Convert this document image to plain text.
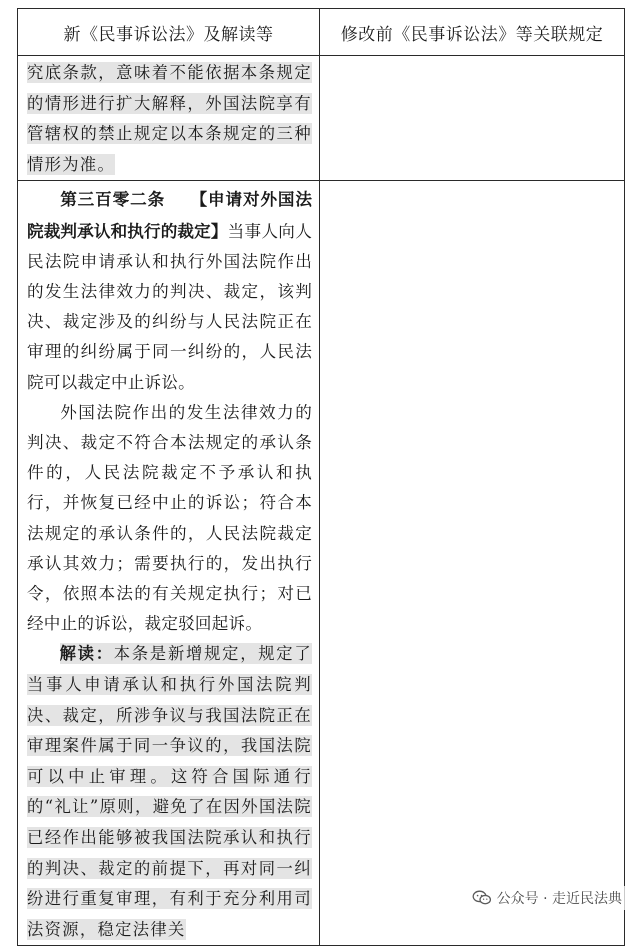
新《民事诉讼法》及解读等	修改前《民事诉讼法》等关联规定

究底条款，意味着不能依据本条规定的情形进行扩大解释，外国法院享有管辖权的禁止规定以本条规定的三种情形为准。	

第三百零二条 【申请对外国法院裁判承认和执行的裁定】当事人向人民法院申请承认和执行外国法院作出的发生法律效力的判决、裁定，该判决、裁定涉及的纠纷与人民法院正在审理的纠纷属于同一纠纷的，人民法院可以裁定中止诉讼。

外国法院作出的发生法律效力的判决、裁定不符合本法规定的承认条件的，人民法院裁定不予承认和执行，并恢复已经中止的诉讼；符合本法规定的承认条件的，人民法院裁定承认其效力；需要执行的，发出执行令，依照本法的有关规定执行；对已经中止的诉讼，裁定驳回起诉。

解读：本条是新增规定，规定了当事人申请承认和执行外国法院判决、裁定，所涉争议与我国法院正在审理案件属于同一争议的，我国法院可以中止审理。这符合国际通行的“礼让”原则，避免了在因外国法院已经作出能够被我国法院承认和执行的判决、裁定的前提下，再对同一纠纷进行重复审理，有利于充分利用司法资源，稳定法律关	

公众号 · 走近民法典
